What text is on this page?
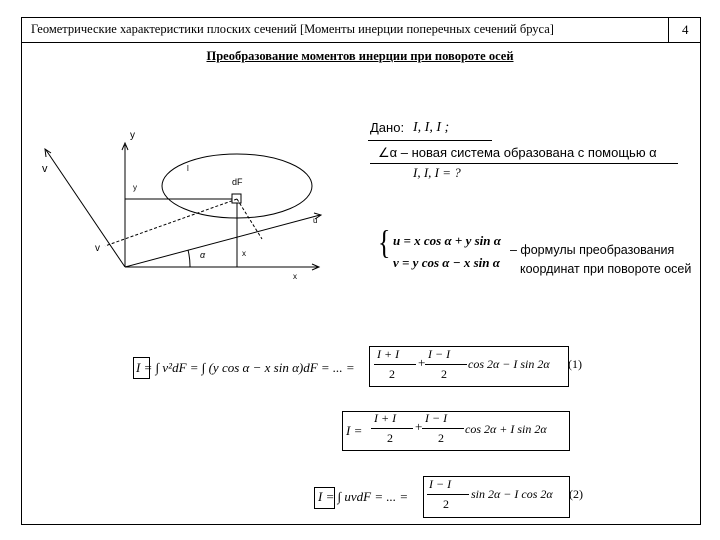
Геометрические характеристики плоских сечений [Моменты инерции поперечных сечений бруса]	4
Преобразование моментов инерции при повороте осей
y
v
y
l
dF
v
α	x
x
u
Дано: I, I, I ;
∠α – новая система образована с помощью α
I, I, I = ?
{ u = x cos α + y sin α
v = y cos α − x sin α
– формулы преобразования
координат при повороте осей
I = ∫ v²dF = ∫ (y cos α − x sin α)dF = ... =
I + I
2
+
I − I
2
cos 2α − I sin 2α (1)
I =
I + I
2
+
I − I
2
cos 2α + I sin 2α
I = ∫ uvdF = ... =
I − I
2
sin 2α − I cos 2α (2)
